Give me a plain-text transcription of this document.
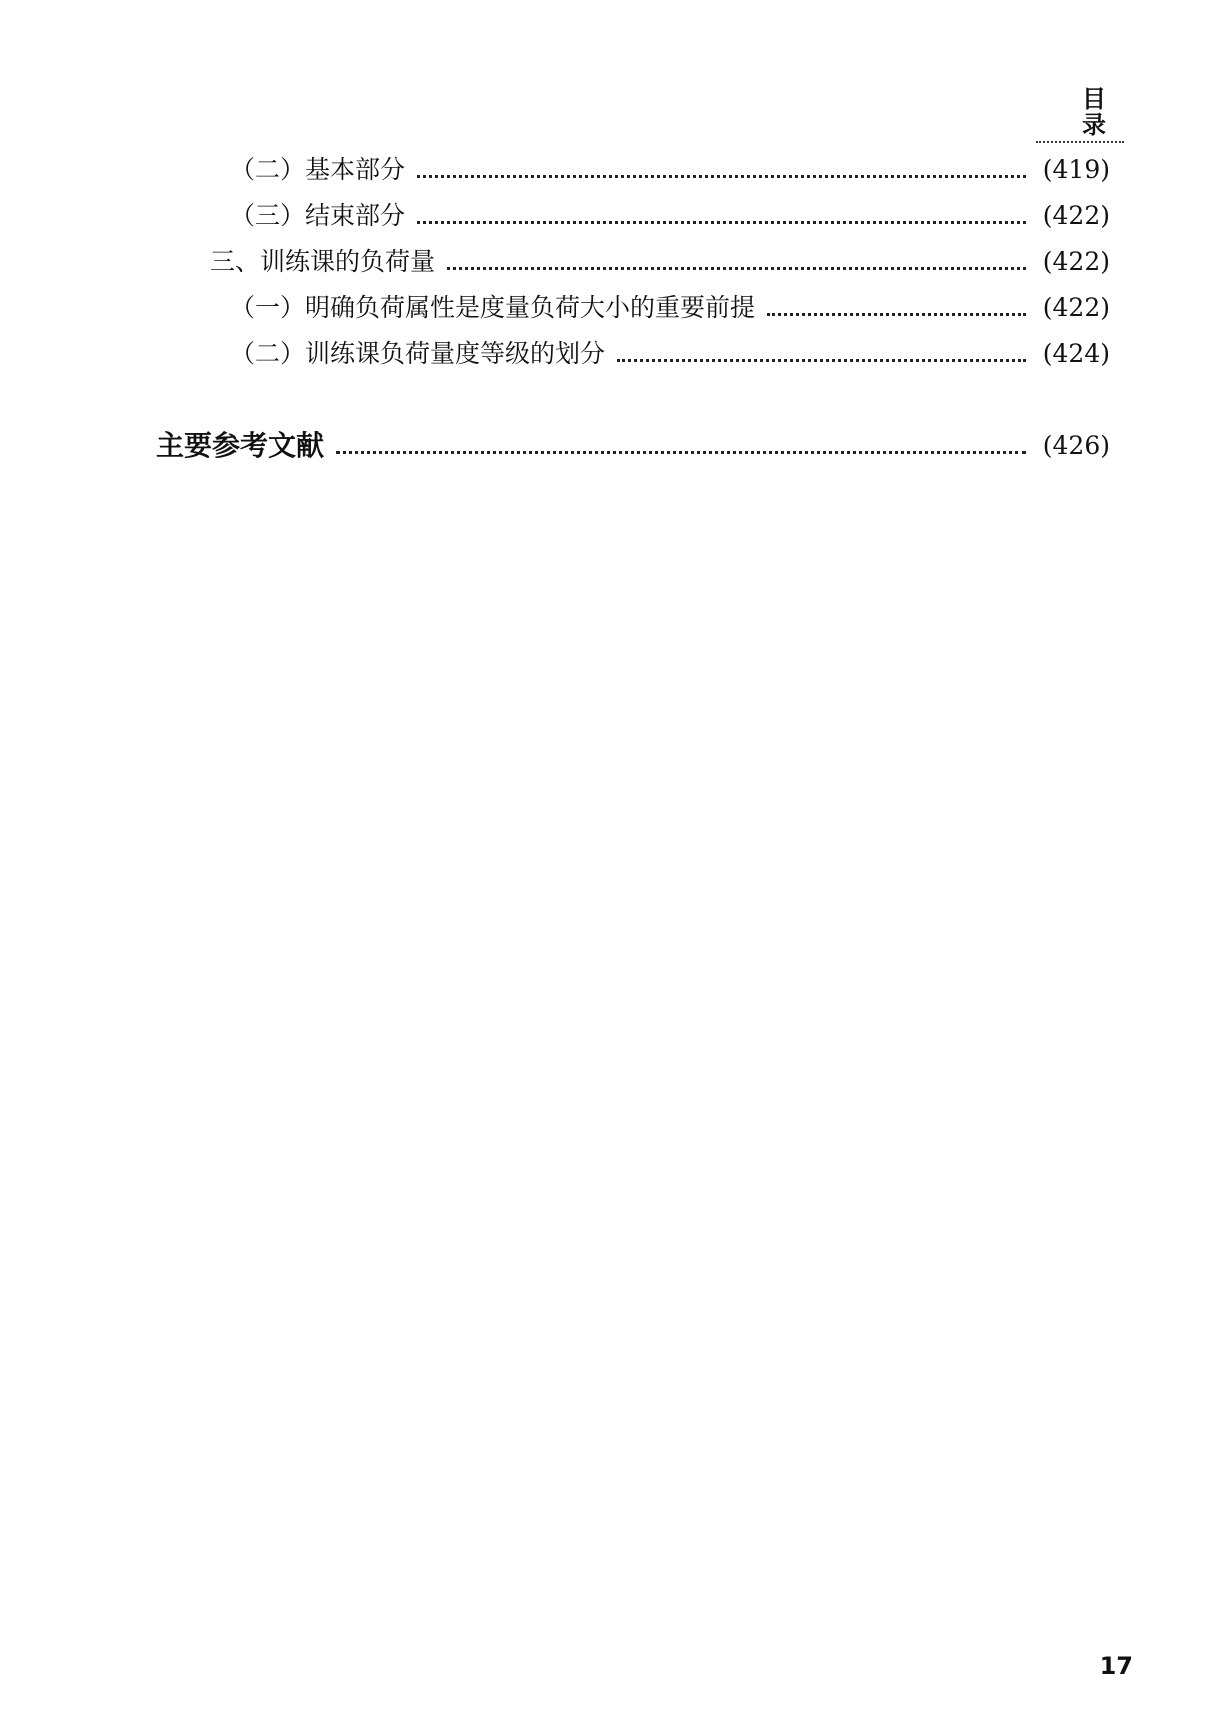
目 录
（二）基本部分	(419)
（三）结束部分	(422)
三、训练课的负荷量	(422)
（一）明确负荷属性是度量负荷大小的重要前提	(422)
（二）训练课负荷量度等级的划分	(424)
主要参考文献	(426)
17
